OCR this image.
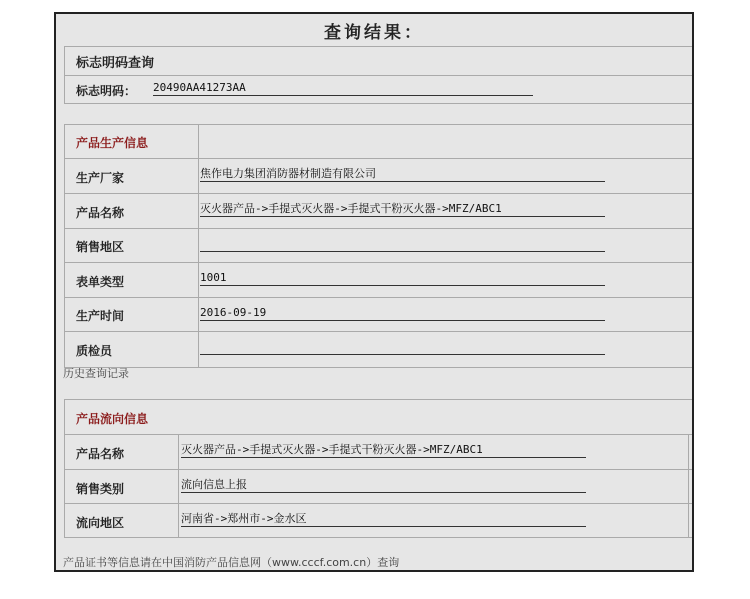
查询结果：
标志明码查询
标志明码： 20490AA41273AA
产品生产信息
生产厂家	焦作电力集团消防器材制造有限公司
产品名称	灭火器产品->手提式灭火器->手提式干粉灭火器->MFZ/ABC1
销售地区
表单类型	1001
生产时间	2016-09-19
质检员
历史查询记录
产品流向信息
产品名称	灭火器产品->手提式灭火器->手提式干粉灭火器->MFZ/ABC1
销售类别	流向信息上报
流向地区	河南省->郑州市->金水区
产品证书等信息请在中国消防产品信息网（www.cccf.com.cn）查询
